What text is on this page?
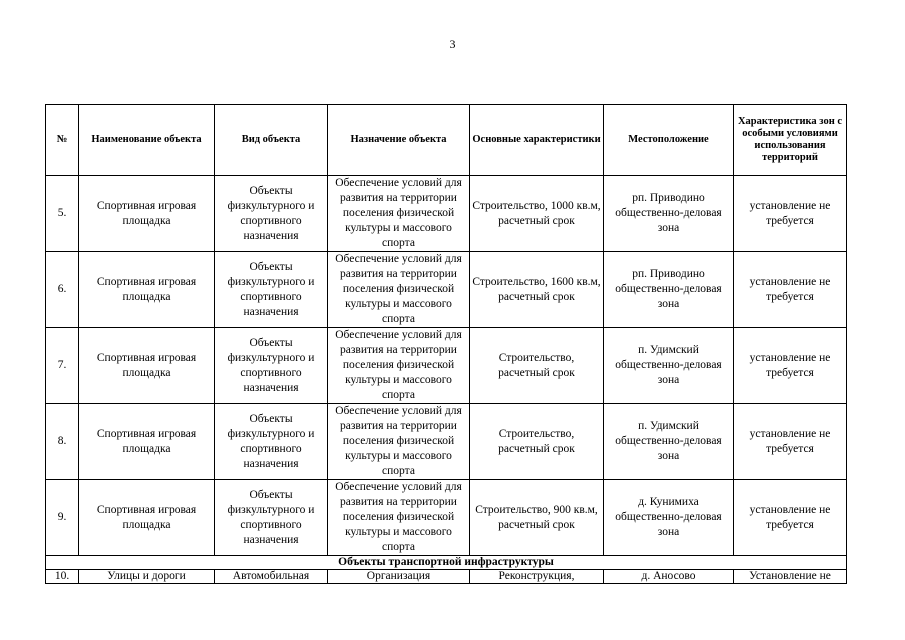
3
№	Наименование объекта	Вид объекта	Назначение объекта	Основные характеристики	Местоположение	Характеристика зон с особыми условиями использования территорий
5.	Спортивная игровая площадка	Объекты физкультурного и спортивного назначения	Обеспечение условий для развития на территории поселения физической культуры и массового спорта	Строительство, 1000 кв.м, расчетный срок	рп. Приводино общественно-деловая зона	установление не требуется
6.	Спортивная игровая площадка	Объекты физкультурного и спортивного назначения	Обеспечение условий для развития на территории поселения физической культуры и массового спорта	Строительство, 1600 кв.м, расчетный срок	рп. Приводино общественно-деловая зона	установление не требуется
7.	Спортивная игровая площадка	Объекты физкультурного и спортивного назначения	Обеспечение условий для развития на территории поселения физической культуры и массового спорта	Строительство, расчетный срок	п. Удимский общественно-деловая зона	установление не требуется
8.	Спортивная игровая площадка	Объекты физкультурного и спортивного назначения	Обеспечение условий для развития на территории поселения физической культуры и массового спорта	Строительство, расчетный срок	п. Удимский общественно-деловая зона	установление не требуется
9.	Спортивная игровая площадка	Объекты физкультурного и спортивного назначения	Обеспечение условий для развития на территории поселения физической культуры и массового спорта	Строительство, 900 кв.м, расчетный срок	д. Кунимиха общественно-деловая зона	установление не требуется
Объекты транспортной инфраструктуры						
10.	Улицы и дороги	Автомобильная	Организация	Реконструкция,	д. Аносово	Установление не
